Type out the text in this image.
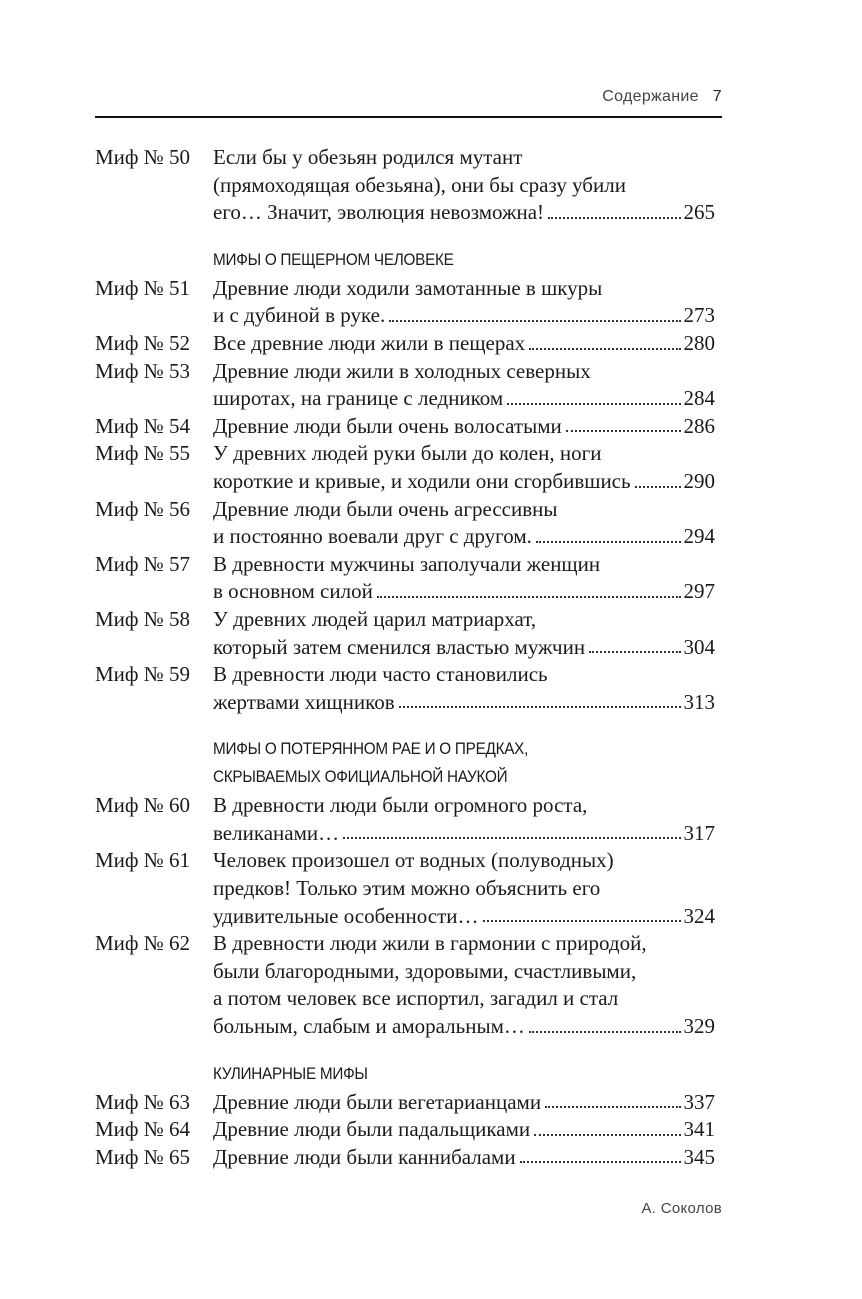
Содержание 7
Миф № 50	Если бы у обезьян родился мутант
(прямоходящая обезьяна), они бы сразу убили
его… Значит, эволюция невозможна!	265
МИФЫ О ПЕЩЕРНОМ ЧЕЛОВЕКЕ
Миф № 51	Древние люди ходили замотанные в шкуры
и с дубиной в руке.	273
Миф № 52	Все древние люди жили в пещерах	280
Миф № 53	Древние люди жили в холодных северных
широтах, на границе с ледником	284
Миф № 54	Древние люди были очень волосатыми	286
Миф № 55	У древних людей руки были до колен, ноги
короткие и кривые, и ходили они сгорбившись	290
Миф № 56	Древние люди были очень агрессивны
и постоянно воевали друг с другом.	294
Миф № 57	В древности мужчины заполучали женщин
в основном силой	297
Миф № 58	У древних людей царил матриархат,
который затем сменился властью мужчин	304
Миф № 59	В древности люди часто становились
жертвами хищников	313
МИФЫ О ПОТЕРЯННОМ РАЕ И О ПРЕДКАХ,
СКРЫВАЕМЫХ ОФИЦИАЛЬНОЙ НАУКОЙ
Миф № 60	В древности люди были огромного роста,
великанами…	317
Миф № 61	Человек произошел от водных (полуводных)
предков! Только этим можно объяснить его
удивительные особенности…	324
Миф № 62	В древности люди жили в гармонии с природой,
были благородными, здоровыми, счастливыми,
а потом человек все испортил, загадил и стал
больным, слабым и аморальным…	329
КУЛИНАРНЫЕ МИФЫ
Миф № 63	Древние люди были вегетарианцами	337
Миф № 64	Древние люди были падальщиками	341
Миф № 65	Древние люди были каннибалами	345
А. Соколов
